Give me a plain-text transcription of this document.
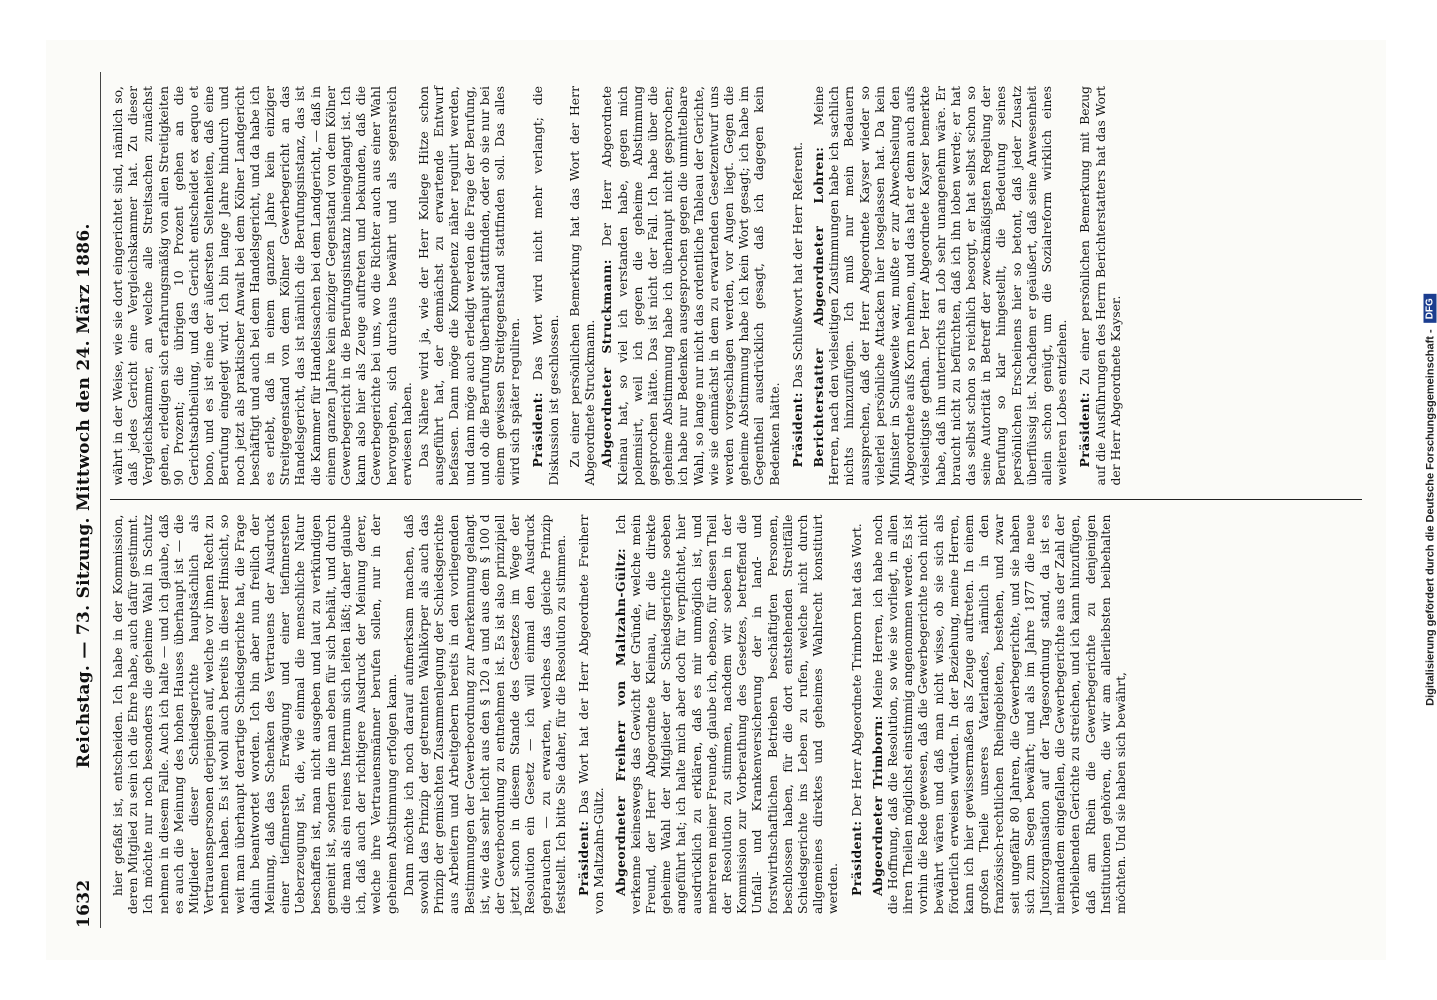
1632
Reichstag. — 73. Sitzung. Mittwoch den 24. März 1886. hier gefaßt ist, entscheiden. Ich habe in der Kommission, deren Mitglied zu sein ich die Ehre habe, auch dafür gestimmt. Ich möchte nur noch besonders die geheime Wahl in Schutz nehmen in diesem Falle. Auch ich halte — und ich glaube, daß es auch die Meinung des hohen Hauses überhaupt ist — die Mitglieder dieser Schiedsgerichte hauptsächlich als Vertrauenspersonen derjenigen auf, welche vor ihnen Recht zu nehmen haben. Es ist wohl auch bereits in dieser Hinsicht, so weit man überhaupt derartige Schiedsgerichte hat, die Frage dahin beantwortet worden. Ich bin aber nun freilich der Meinung, daß das Schenken des Vertrauens der Ausdruck einer tiefinnersten Erwägung und einer tiefinnersten Ueberzeugung ist, die, wie einmal die menschliche Natur beschaffen ist, man nicht ausgeben und laut zu verkündigen gemeint ist, sondern die man eben für sich behält, und durch die man als ein reines Internum sich leiten läßt; daher glaube ich, daß auch der richtigere Ausdruck der Meinung derer, welche ihre Vertrauensmänner berufen sollen, nur in der geheimen Abstimmung erfolgen kann. Dann möchte ich noch darauf aufmerksam machen, daß sowohl das Prinzip der getrennten Wahlkörper als auch das Prinzip der gemischten Zusammenlegung der Schiedsgerichte aus Arbeitern und Arbeitgebern bereits in den vorliegenden Bestimmungen der Gewerbeordnung zur Anerkennung gelangt ist, wie das sehr leicht aus den § 120 a und aus dem § 100 d der Gewerbeordnung zu entnehmen ist. Es ist also prinzipiell jetzt schon in diesem Stande des Gesetzes im Wege der Resolution ein Gesetz — ich will einmal den Ausdruck gebrauchen — zu erwarten, welches das gleiche Prinzip feststellt. Ich bitte Sie daher, für die Resolution zu stimmen. Präsident: Das Wort hat der Herr Abgeordnete Freiherr von Maltzahn-Gültz. Abgeordneter Freiherr von Maltzahn-Gültz: Ich verkenne keineswegs das Gewicht der Gründe, welche mein Freund, der Herr Abgeordnete Kleinau, für die direkte geheime Wahl der Mitglieder der Schiedsgerichte soeben angeführt hat; ich halte mich aber doch für verpflichtet, hier ausdrücklich zu erklären, daß es mir unmöglich ist, und mehreren meiner Freunde, glaube ich, ebenso, für diesen Theil der Resolution zu stimmen, nachdem wir soeben in der Kommission zur Vorberathung des Gesetzes, betreffend die Unfall- und Krankenversicherung der in land- und forstwirthschaftlichen Betrieben beschäftigten Personen, beschlossen haben, für die dort entstehenden Streitfälle Schiedsgerichte ins Leben zu rufen, welche nicht durch allgemeines direktes und geheimes Wahlrecht konstituirt werden. Präsident: Der Herr Abgeordnete Trimborn hat das Wort. Abgeordneter Trimborn: Meine Herren, ich habe noch die Hoffnung, daß die Resolution, so wie sie vorliegt, in allen ihren Theilen möglichst einstimmig angenommen werde. Es ist vorhin die Rede gewesen, daß die Gewerbegerichte noch nicht bewährt wären und daß man nicht wisse, ob sie sich als förderlich erweisen würden. In der Beziehung, meine Herren, kann ich hier gewissermaßen als Zeuge auftreten. In einem großen Theile unseres Vaterlandes, nämlich in den französisch-rechtlichen Rheingebieten, bestehen, und zwar seit ungefähr 80 Jahren, die Gewerbegerichte, und sie haben sich zum Segen bewährt; und als im Jahre 1877 die neue Justizorganisation auf der Tagesordnung stand, da ist es niemandem eingefallen, die Gewerbegerichte aus der Zahl der verbleibenden Gerichte zu streichen, und ich kann hinzufügen, daß am Rhein die Gewerbegerichte zu denjenigen Institutionen gehören, die wir am allerliebsten beibehalten möchten. Und sie haben sich bewährt,

währt in der Weise, wie sie dort eingerichtet sind, nämlich so, daß jedes Gericht eine Vergleichskammer hat. Zu dieser Vergleichskammer, an welche alle Streitsachen zunächst gehen, erledigen sich erfahrungsmäßig von allen Streitigkeiten 90 Prozent; die übrigen 10 Prozent gehen an die Gerichtsabtheilung, und das Gericht entscheidet ex aequo et bono, und es ist eine der äußersten Seltenheiten, daß eine Berufung eingelegt wird. Ich bin lange Jahre hindurch und noch jetzt als praktischer Anwalt bei dem Kölner Landgericht beschäftigt und auch bei dem Handelsgericht, und da habe ich es erlebt, daß in einem ganzen Jahre kein einziger Streitgegenstand von dem Kölner Gewerbegericht an das Handelsgericht, das ist nämlich die Berufungsinstanz, das ist die Kammer für Handelssachen bei dem Landgericht, — daß in einem ganzen Jahre kein einziger Gegenstand von dem Kölner Gewerbegericht in die Berufungsinstanz hineingelangt ist. Ich kann also hier als Zeuge auftreten und bekunden, daß die Gewerbegerichte bei uns, wo die Richter auch aus einer Wahl hervorgehen, sich durchaus bewährt und als segensreich erwiesen haben. Das Nähere wird ja, wie der Herr Kollege Hitze schon ausgeführt hat, der demnächst zu erwartende Entwurf befassen. Dann möge die Kompetenz näher regulirt werden, und dann möge auch erledigt werden die Frage der Berufung, und ob die Berufung überhaupt stattfinden, oder ob sie nur bei einem gewissen Streitgegenstand stattfinden soll. Das alles wird sich später reguliren. Präsident: Das Wort wird nicht mehr verlangt; die Diskussion ist geschlossen. Zu einer persönlichen Bemerkung hat das Wort der Herr Abgeordnete Struckmann. Abgeordneter Struckmann: Der Herr Abgeordnete Kleinau hat, so viel ich verstanden habe, gegen mich polemisirt, weil ich gegen die geheime Abstimmung gesprochen hätte. Das ist nicht der Fall. Ich habe über die geheime Abstimmung habe ich überhaupt nicht gesprochen; ich habe nur Bedenken ausgesprochen gegen die unmittelbare Wahl, so lange nur nicht das ordentliche Tableau der Gerichte, wie sie demnächst in dem zu erwartenden Gesetzentwurf uns werden vorgeschlagen werden, vor Augen liegt. Gegen die geheime Abstimmung habe ich kein Wort gesagt; ich habe im Gegentheil ausdrücklich gesagt, daß ich dagegen kein Bedenken hätte. Präsident: Das Schlußwort hat der Herr Referent. Berichterstatter Abgeordneter Lohren: Meine Herren, nach den vielseitigen Zustimmungen habe ich sachlich nichts hinzuzufügen. Ich muß nur mein Bedauern aussprechen, daß der Herr Abgeordnete Kayser wieder so vielerlei persönliche Attacken hier losgelassen hat. Da kein Minister in Schußweite war, mußte er zur Abwechselung den Abgeordnete aufs Korn nehmen, und das hat er denn auch aufs vielseitigste gethan. Der Herr Abgeordnete Kayser bemerkte habe, daß ihn unterrichts an Lob sehr unangenehm wäre. Er braucht nicht zu befürchten, daß ich ihn loben werde; er hat das selbst schon so reichlich besorgt, er hat selbst schon so seine Autorität in Betreff der zweckmäßigsten Regelung der Berufung so klar hingestellt, die Bedeutung seines persönlichen Erscheinens hier so betont, daß jeder Zusatz überflüssig ist. Nachdem er geäußert, daß seine Anwesenheit allein schon genügt, um die Sozialreform wirklich eines weiteren Lobes entziehen. Präsident: Zu einer persönlichen Bemerkung mit Bezug auf die Ausführungen des Herrn Berichterstatters hat das Wort der Herr Abgeordnete Kayser.	Digitalisierung gefördert durch die Deutsche Forschungsgemeinschaft -
DFG
